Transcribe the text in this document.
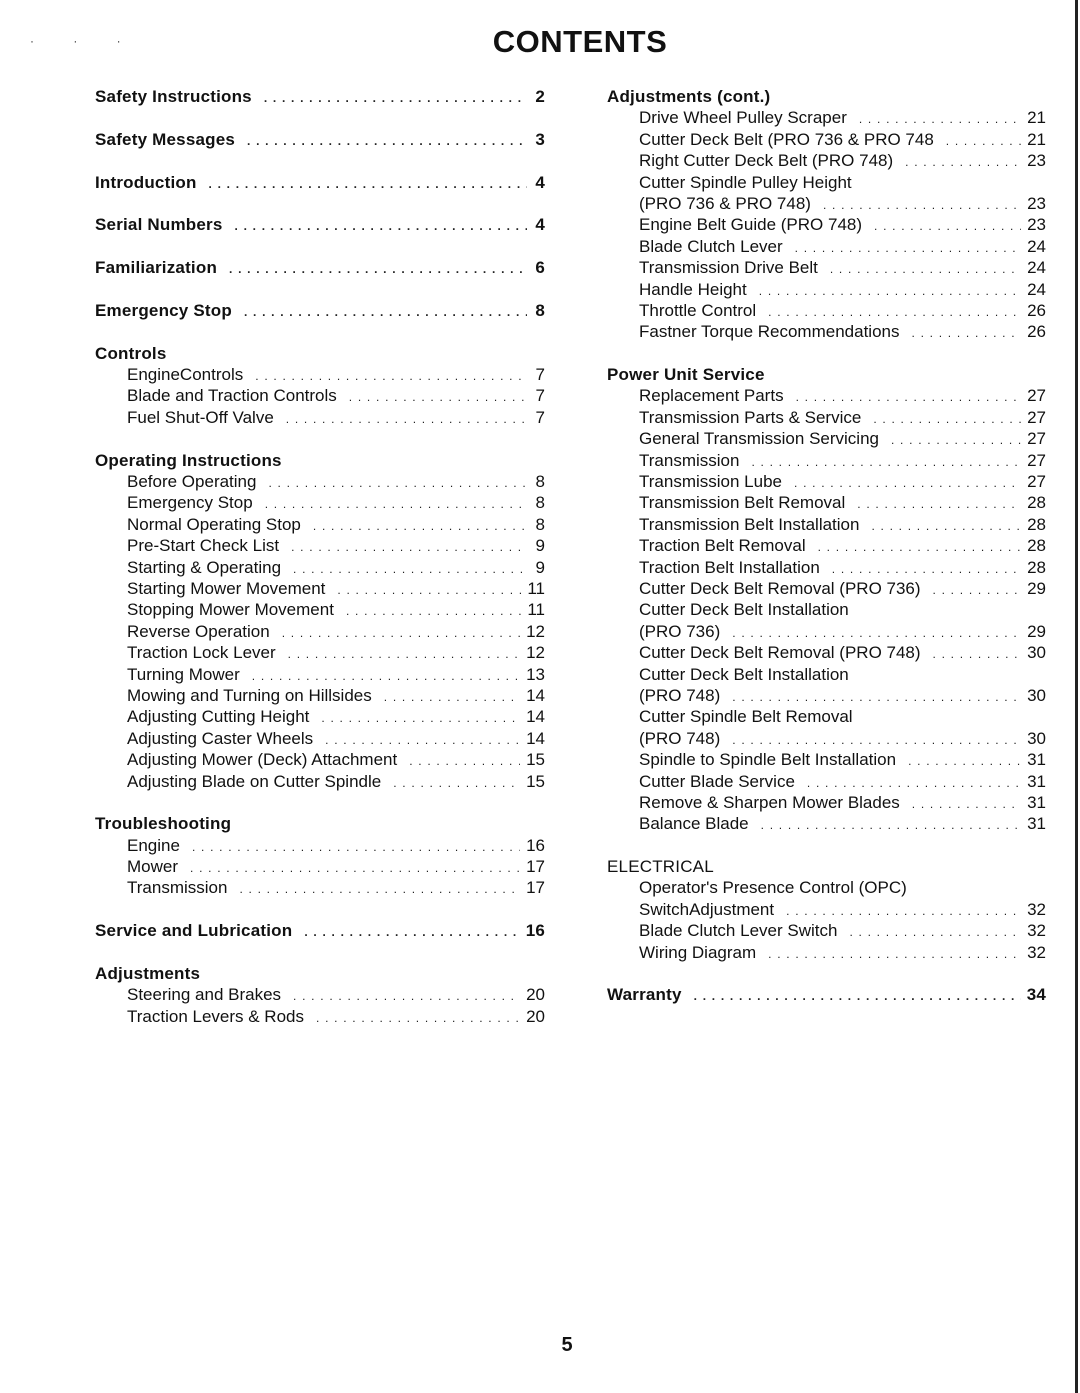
· · ·	CONTENTS
Safety Instructions . . .	2
Safety Messages . . .	3
Introduction . . .	4
Serial Numbers . . .	4
Familiarization . . .	6
Emergency Stop . . .	8
Controls
EngineControls . . .	7
Blade and Traction Controls . . .	7
Fuel Shut-Off Valve . . .	7
Operating Instructions
Before Operating . . .	8
Emergency Stop . . .	8
Normal Operating Stop . . .	8
Pre-Start Check List . . .	9
Starting & Operating . . .	9
Starting Mower Movement . . .	11
Stopping Mower Movement . . .	11
Reverse Operation . . .	12
Traction Lock Lever . . .	12
Turning Mower . . .	13
Mowing and Turning on Hillsides . . .	14
Adjusting Cutting Height . . .	14
Adjusting Caster Wheels . . .	14
Adjusting Mower (Deck) Attachment . . .	15
Adjusting Blade on Cutter Spindle . . .	15
Troubleshooting
Engine . . .	16
Mower . . .	17
Transmission . . .	17
Service and Lubrication . . .	16
Adjustments
Steering and Brakes . . .	20
Traction Levers & Rods . . .	20
Adjustments (cont.)
Drive Wheel Pulley Scraper . . .	21
Cutter Deck Belt (PRO 736 & PRO 748 . . .	21
Right Cutter Deck Belt (PRO 748) . . .	23
Cutter Spindle Pulley Height
(PRO 736 & PRO 748) . . .	23
Engine Belt Guide (PRO 748) . . .	23
Blade Clutch Lever . . .	24
Transmission Drive Belt . . .	24
Handle Height . . .	24
Throttle Control . . .	26
Fastner Torque Recommendations . . .	26
Power Unit Service
Replacement Parts . . .	27
Transmission Parts & Service . . .	27
General Transmission Servicing . . .	27
Transmission . . .	27
Transmission Lube . . .	27
Transmission Belt Removal . . .	28
Transmission Belt Installation . . .	28
Traction Belt Removal . . .	28
Traction Belt Installation . . .	28
Cutter Deck Belt Removal (PRO 736) . . .	29
Cutter Deck Belt Installation
(PRO 736) . . .	29
Cutter Deck Belt Removal (PRO 748) . . .	30
Cutter Deck Belt Installation
(PRO 748) . . .	30
Cutter Spindle Belt Removal
(PRO 748) . . .	30
Spindle to Spindle Belt Installation . . .	31
Cutter Blade Service . . .	31
Remove & Sharpen Mower Blades . . .	31
Balance Blade . . .	31
ELECTRICAL
Operator's Presence Control (OPC)
SwitchAdjustment . . .	32
Blade Clutch Lever Switch . . .	32
Wiring Diagram . . .	32
Warranty . . .	34
5
